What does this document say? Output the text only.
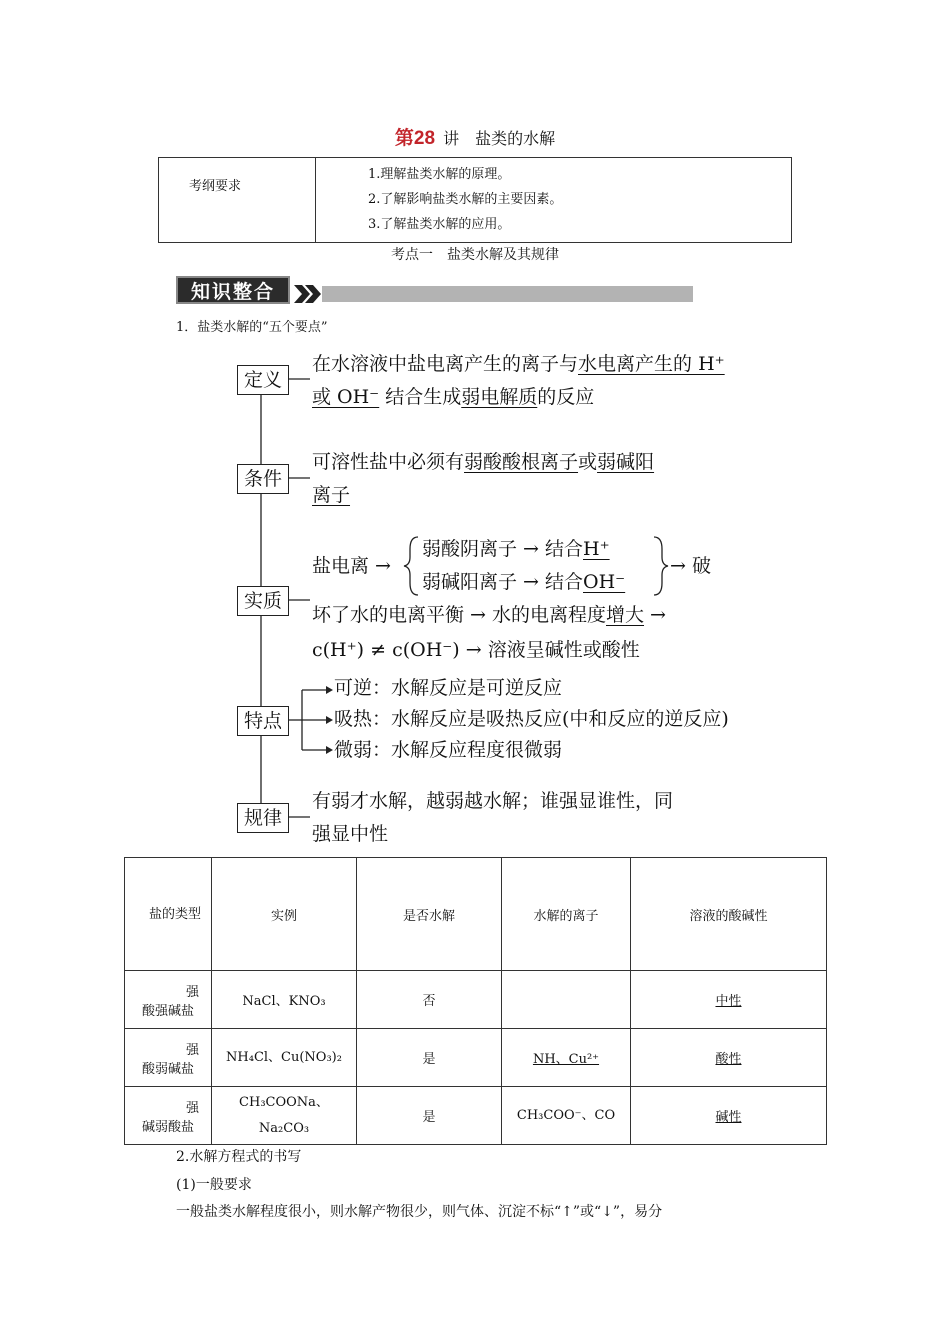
第28 讲　盐类的水解
考纲要求	
1.理解盐类水解的原理。
2.了解影响盐类水解的主要因素。
3.了解盐类水解的应用。
考点一　盐类水解及其规律
知识整合
1．盐类水解的“五个要点”
定义
在水溶液中盐电离产生的离子与水电离产生的 H⁺
或 OH⁻ 结合生成弱电解质的反应
条件
可溶性盐中必须有弱酸酸根离子或弱碱阳
离子
实质
盐电离 →
弱酸阴离子 → 结合H⁺
弱碱阳离子 → 结合OH⁻
→ 破
坏了水的电离平衡 → 水的电离程度增大 →
c(H⁺) ≠ c(OH⁻) → 溶液呈碱性或酸性
特点
可逆：水解反应是可逆反应
吸热：水解反应是吸热反应(中和反应的逆反应)
微弱：水解反应程度很微弱
规律
有弱才水解，越弱越水解；谁强显谁性，同
强显中性
盐的类型	实例	是否水解	水解的离子	溶液的酸碱性

强
酸强碱盐	NaCl、KNO₃	否		中性

强
酸弱碱盐	NH₄Cl、Cu(NO₃)₂	是	NH、Cu²⁺	酸性

强
碱弱酸盐	CH₃COONa、Na₂CO₃	是	CH₃COO⁻、CO	碱性
2.水解方程式的书写
(1)一般要求
一般盐类水解程度很小，则水解产物很少，则气体、沉淀不标“↑”或“↓”，易分
